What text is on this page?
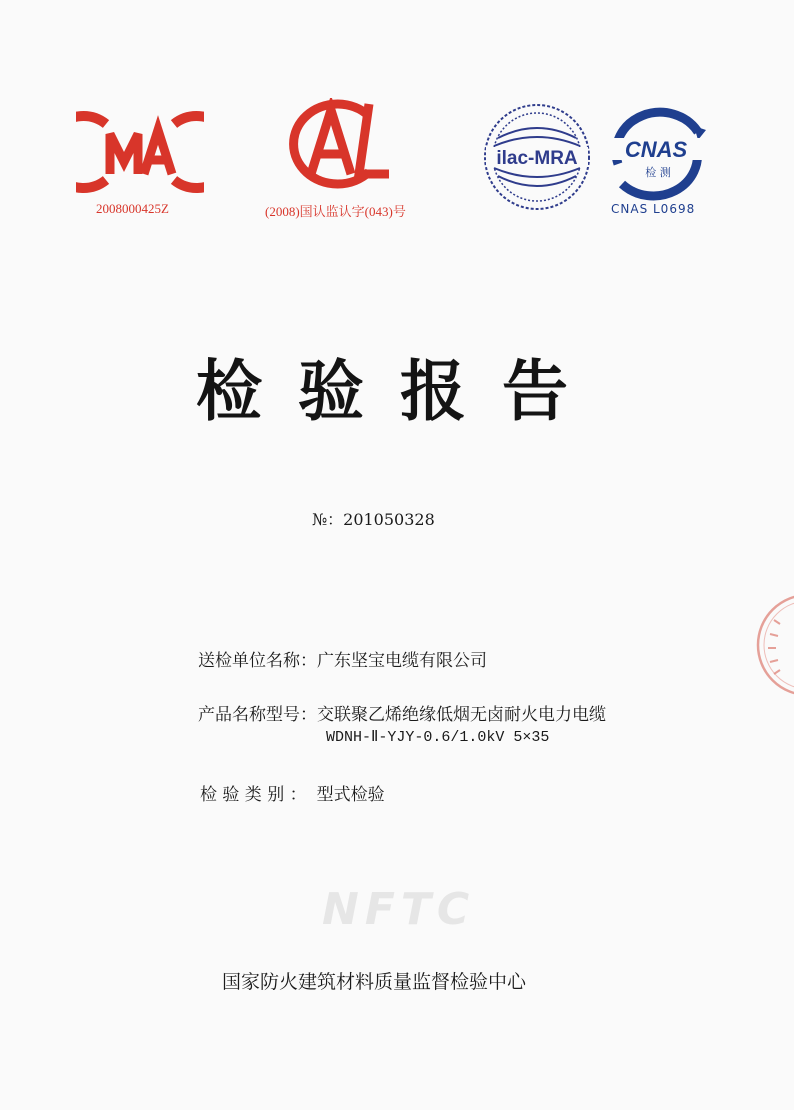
2008000425Z	(2008)国认监认字(043)号
ilac-MRA CNAS
检 测
CNAS L0698
检验报告
№：201050328
送检单位名称：广东坚宝电缆有限公司
产品名称型号：交联聚乙烯绝缘低烟无卤耐火电力电缆
WDNH-Ⅱ-YJY-0.6/1.0kV 5×35
检 验 类 别 ： 型式检验
NFTC
国家防火建筑材料质量监督检验中心
